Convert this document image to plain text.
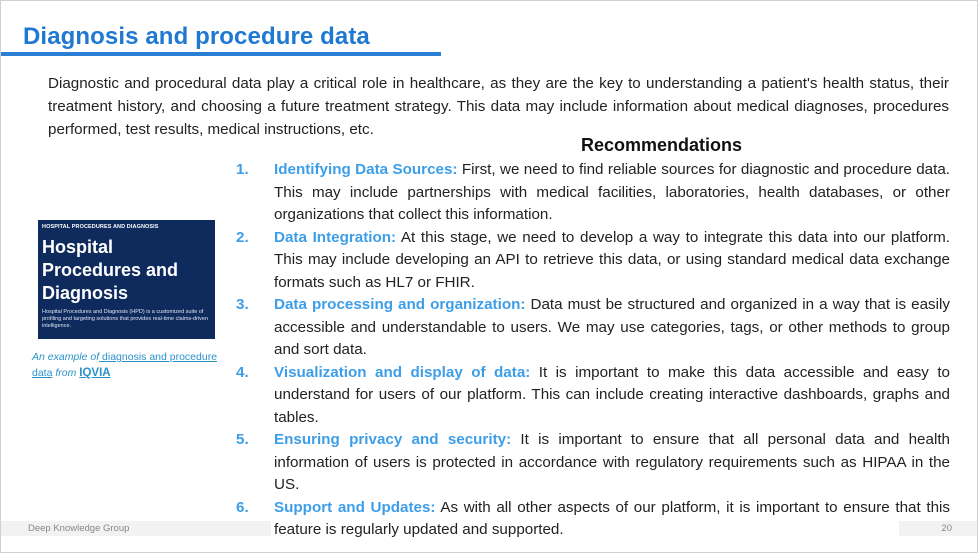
Diagnosis and procedure data

Diagnostic and procedural data play a critical role in healthcare, as they are the key to understanding a patient's health status, their treatment history, and choosing a future treatment strategy. This data may include information about medical diagnoses, procedures performed, test results, medical instructions, etc.

Recommendations
1. Identifying Data Sources: First, we need to find reliable sources for diagnostic and procedure data. This may include partnerships with medical facilities, laboratories, health databases, or other organizations that collect this information.
2. Data Integration: At this stage, we need to develop a way to integrate this data into our platform. This may include developing an API to retrieve this data, or using standard medical data exchange formats such as HL7 or FHIR.
3. Data processing and organization: Data must be structured and organized in a way that is easily accessible and understandable to users. We may use categories, tags, or other methods to group and sort data.
4. Visualization and display of data: It is important to make this data accessible and easy to understand for users of our platform. This can include creating interactive dashboards, graphs and tables.
5. Ensuring privacy and security: It is important to ensure that all personal data and health information of users is protected in accordance with regulatory requirements such as HIPAA in the US.
6. Support and Updates: As with all other aspects of our platform, it is important to ensure that this feature is regularly updated and supported.
HOSPITAL PROCEDURES AND DIAGNOSIS
Hospital Procedures and Diagnosis
Hospital Procedures and Diagnosis (HPD) is a customized suite of profiling and targeting solutions that provides real-time claims-driven intelligence.

An example of diagnosis and procedure data from IQVIA

Deep Knowledge Group	20
